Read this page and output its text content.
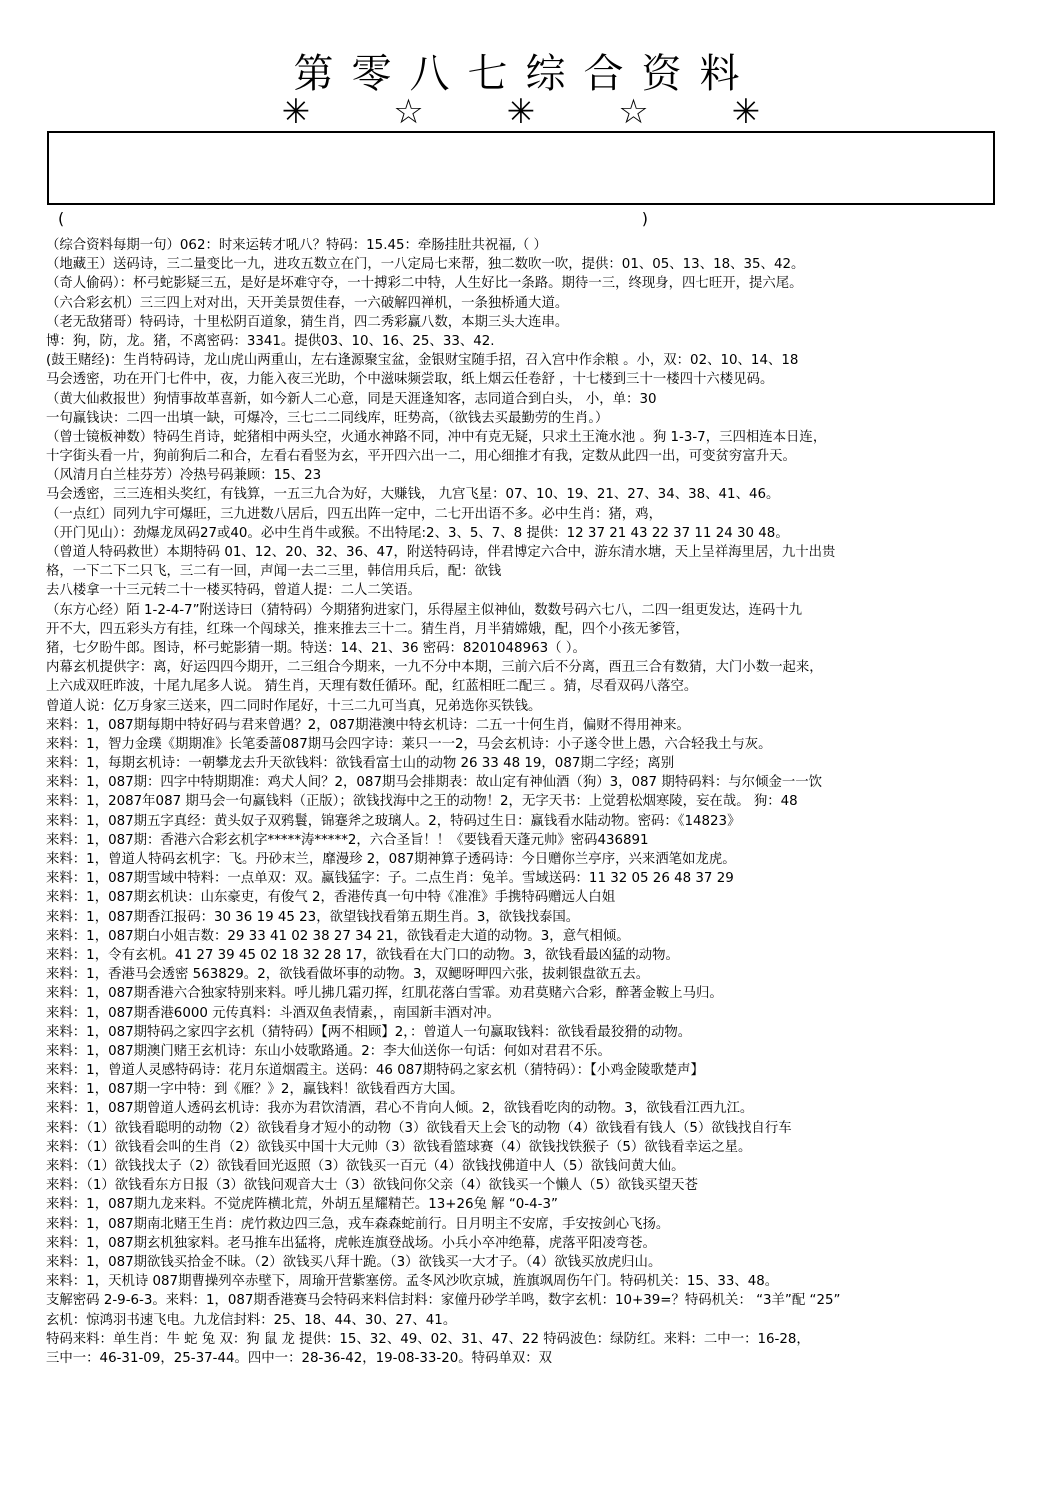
第零八七综合资料
✳ ☆ ✳ ☆ ✳
(	)
（综合资料每期一句）062：时来运转才吼八？特码：15.45：牵肠挂肚共祝福,（ ）
（地藏王）送码诗，三二量变比一九，进攻五数立在门，一八定局七来帮，独二数吹一吹，提供：01、05、13、18、35、42。
（奇人偷码）：杯弓蛇影疑三五，是好是坏难守夺，一十搏彩二中特，人生好比一条路。期待一三，终现身，四七旺开，提六尾。
（六合彩玄机）三三四上对对出，天开美景贺佳春，一六破解四禅机，一条独桥通大道。
（老无敌猪哥）特码诗，十里松阴百道象，猜生肖，四二秀彩赢八数，本期三头大连串。
博：狗，防，龙。猪，不离密码：3341。提供03、10、16、25、33、42.
(鼓王赌经)：生肖特码诗，龙山虎山两重山，左右逢源聚宝盆，金银财宝随手招，召入宫中作余粮 。小，双：02、10、14、18
马会透密，功在开门七件中，夜，力能入夜三光助，个中滋味频尝取，纸上烟云任卷舒 ，十七楼到三十一楼四十六楼见码。
（黄大仙救报世）狗情事故革喜新，如今新人二心意，同是天涯逢知客，志同道合到白头， 小，单：30
一句赢钱诀：二四一出填一缺，可爆冷，三七二二同线库，旺势高，（欲钱去买最勤劳的生肖。）
（曾士镜板神数）特码生肖诗，蛇猪相中两头空，火通水神路不同，冲中有克无疑，只求土王淹水池 。狗 1-3-7，三四相连本日连，
十字街头看一片，狗前狗后二和合，左看右看竖为玄，平开四六出一二，用心细推才有我，定数从此四一出，可变贫穷富升天。
（风清月白兰桂芬芳）冷热号码兼顾：15、23
马会透密，三三连相头奖红，有钱算，一五三九合为好，大赚钱， 九宫飞星：07、10、19、21、27、34、38、41、46。
（一点红）同列九宇可爆旺，三九进数八居后，四五出阵一定中，二七开出语不多。必中生肖：猪，鸡，
（开门见山）：劲爆龙凤码27或40。必中生肖牛或猴。不出特尾:2、3、5、7、8 提供：12 37 21 43 22 37 11 24 30 48。
（曾道人特码救世）本期特码 01、12、20、32、36、47，附送特码诗，伴君博定六合中，游东清水塘，天上呈祥海里居，九十出贵
格，一下二下二只飞，三二有一回，声闻一去二三里，韩信用兵后，配：欲钱
去八楼拿一十三元转二十一楼买特码，曾道人提：二人二笑语。
（东方心经）陌 1-2-4-7”附送诗曰（猜特码）今期猪狗进家门，乐得屋主似神仙，数数号码六七八，二四一组更发达，连码十九
开不大，四五彩头方有挂，红珠一个闯球关，推来推去三十二。猜生肖，月半猜嫦娥，配，四个小孩无爹管，
猪，七夕盼牛郎。图诗，杯弓蛇影猜一期。特送：14、21、36 密码：8201048963（ ）。
内幕玄机提供字：离，好运四四今期开，二三组合今期来，一九不分中本期，三前六后不分离，酉丑三合有数猜，大门小数一起来，
上六成双旺昨波，十尾九尾多人说。 猜生肖，天理有数任循环。配，红蓝相旺二配三 。猜，尽看双码八落空。
曾道人说：亿万身家三送来，四二同时作尾好，十三二九可当真，兄弟选你买铁钱。
来料：1，087期每期中特好码与君来曾遇？2，087期港澳中特玄机诗：二五一十何生肖，偏财不得用神来。
来料：1，智力金璞《期期准》长笔委蔷087期马会四字诗：莱只一一2，马会玄机诗：小子遂令世上愚，六合轻我土与灰。
来料：1，每期玄机诗：一朝攀龙去升天欲钱料：欲钱看富士山的动物 26 33 48 19，087期二字经；离别
来料：1，087期：四字中特期期准：鸡犬人间？2，087期马会排期表：故山定有神仙酒（狗）3，087 期特码料：与尔倾金一一饮
来料：1，2087年087 期马会一句赢钱料（正版）；欲钱找海中之王的动物！2，无字天书：上觉碧松烟寒陵，妄在哉。 狗：48
来料：1，087期五字真经：黄头奴子双鸦鬟，锦蹇斧之玻璃人。2，特码过生日：赢钱看水陆动物。密码：《14823》
来料：1，087期：香港六合彩玄机字*****涛*****2，六合圣旨！！《要钱看天蓬元帅》密码436891
来料：1，曾道人特码玄机字：飞。丹砂末兰，靡漫珍 2，087期神算子透码诗：今日赠你兰亭序，兴来洒笔如龙虎。
来料：1，087期雪域中特料：一点单双：双。赢钱猛字：子。二点生肖：兔羊。雪域送码：11 32 05 26 48 37 29
来料：1，087期玄机诀：山东豪吏，有俊气 2，香港传真一句中特《准准》手携特码赠远人白姐
来料：1，087期香江报码：30 36 19 45 23，欲望钱找看第五期生肖。3，欲钱找泰国。
来料：1，087期白小姐吉数：29 33 41 02 38 27 34 21，欲钱看走大道的动物。3，意气相倾。
来料：1，令有玄机。41 27 39 45 02 18 32 28 17，欲钱看在大门口的动物。3，欲钱看最凶猛的动物。
来料：1，香港马会透密 563829。2，欲钱看做坏事的动物。3，双鳃呀呷四六张，拔刺银盘欲五去。
来料：1，087期香港六合独家特别来料。呼儿拂几霜刃挥，红肌花落白雪霏。劝君莫赌六合彩，醉著金鞍上马归。
来料：1，087期香港6000 元传真料：斗酒双鱼表情素，，南国新丰酒对冲。
来料：1，087期特码之家四字玄机（猜特码）【两不相顾】2，：曾道人一句赢取钱料：欲钱看最狡猾的动物。
来料：1，087期澳门赌王玄机诗：东山小妓歌路通。2：李大仙送你一句话：何如对君君不乐。
来料：1，曾道人灵感特码诗：花月东道烟霞主。送码：46 087期特码之家玄机（猜特码）：【小鸡金陵歌楚声】
来料：1，087期一字中特：到《雁？》2，赢钱料！欲钱看西方大国。
来料：1，087期曾道人透码玄机诗：我亦为君饮清酒，君心不肯向人倾。2，欲钱看吃肉的动物。3，欲钱看江西九江。
来料：（1）欲钱看聪明的动物（2）欲钱看身才短小的动物（3）欲钱看天上会飞的动物（4）欲钱看有钱人（5）欲钱找自行车
来料：（1）欲钱看会叫的生肖（2）欲钱买中国十大元帅（3）欲钱看篮球赛（4）欲钱找铁猴子（5）欲钱看幸运之星。
来料：（1）欲钱找太子（2）欲钱看回光返照（3）欲钱买一百元（4）欲钱找佛道中人（5）欲钱问黄大仙。
来料：（1）欲钱看东方日报（3）欲钱问观音大士（3）欲钱问你父亲（4）欲钱买一个懒人（5）欲钱买望天苍
来料：1，087期九龙来料。不觉虎阵横北荒，外胡五星耀精芒。13+26兔 解 “0-4-3”
来料：1，087期南北赌王生肖：虎竹救边四三急，戎车森森蛇前行。日月明主不安席，手安按剑心飞扬。
来料：1，087期玄机独家料。老马推车出猛将，虎帐连旗登战场。小兵小卒冲绝幕，虎落平阳凌弯苍。
来料：1，087期欲钱买拾金不昧。（2）欲钱买八拜十跪。（3）欲钱买一大才子。（4）欲钱买放虎归山。
来料：1，天机诗 087期曹操列卒赤壁下，周瑜开营紫塞傍。孟冬风沙吹京城，旌旗飒周伤午门。特码机关：15、33、48。
支解密码 2-9-6-3。来料：1，087期香港赛马会特码来料信封料：家僮丹砂学羊鸣，数字玄机：10+39=？特码机关： “3羊”配 “25”
玄机：惊鸿羽书速飞电。九龙信封料：25、18、44、30、27、41。
特码来料：单生肖：牛 蛇 兔 双：狗 鼠 龙 提供：15、32、49、02、31、47、22 特码波色：绿防红。来料：二中一：16-28，
三中一：46-31-09，25-37-44。四中一：28-36-42，19-08-33-20。特码单双：双
